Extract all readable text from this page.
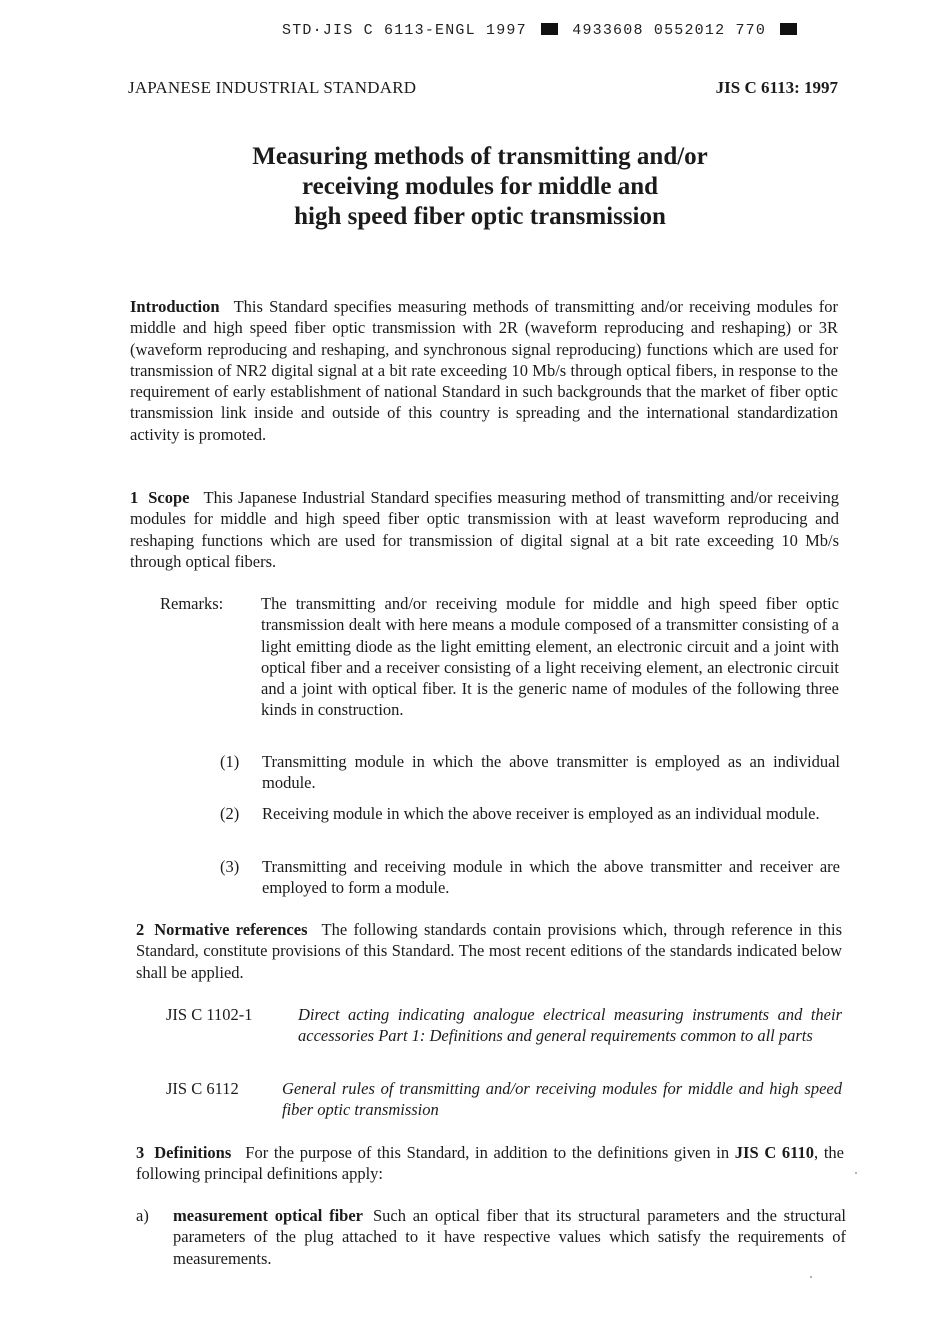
STD·JIS C 6113-ENGL 1997	4933608 0552012 770
JAPANESE INDUSTRIAL STANDARD	JIS C 6113: 1997
Measuring methods of transmitting and/or
receiving modules for middle and
high speed fiber optic transmission

Introduction This Standard specifies measuring methods of transmitting and/or receiving modules for middle and high speed fiber optic transmission with 2R (waveform reproducing and reshaping) or 3R (waveform reproducing and reshaping, and synchronous signal reproducing) functions which are used for transmission of NR2 digital signal at a bit rate exceeding 10 Mb/s through optical fibers, in response to the requirement of early establishment of national Standard in such backgrounds that the market of fiber optic transmission link inside and outside of this country is spreading and the international standardization activity is promoted.

1 Scope This Japanese Industrial Standard specifies measuring method of transmitting and/or receiving modules for middle and high speed fiber optic transmission with at least waveform reproducing and reshaping functions which are used for transmission of digital signal at a bit rate exceeding 10 Mb/s through optical fibers.

Remarks: The transmitting and/or receiving module for middle and high speed fiber optic transmission dealt with here means a module composed of a transmitter consisting of a light emitting diode as the light emitting element, an electronic circuit and a joint with optical fiber and a receiver consisting of a light receiving element, an electronic circuit and a joint with optical fiber. It is the generic name of modules of the following three kinds in construction.

(1) Transmitting module in which the above transmitter is employed as an individual module.

(2) Receiving module in which the above receiver is employed as an individual module.

(3) Transmitting and receiving module in which the above transmitter and receiver are employed to form a module.

2 Normative references The following standards contain provisions which, through reference in this Standard, constitute provisions of this Standard. The most recent editions of the standards indicated below shall be applied.

JIS C 1102-1	Direct acting indicating analogue electrical measuring instruments and their accessories Part 1: Definitions and general requirements common to all parts

JIS C 6112	General rules of transmitting and/or receiving modules for middle and high speed fiber optic transmission

3 Definitions For the purpose of this Standard, in addition to the definitions given in JIS C 6110, the following principal definitions apply:

a) measurement optical fiber Such an optical fiber that its structural parameters and the structural parameters of the plug attached to it have respective values which satisfy the requirements of measurements.
